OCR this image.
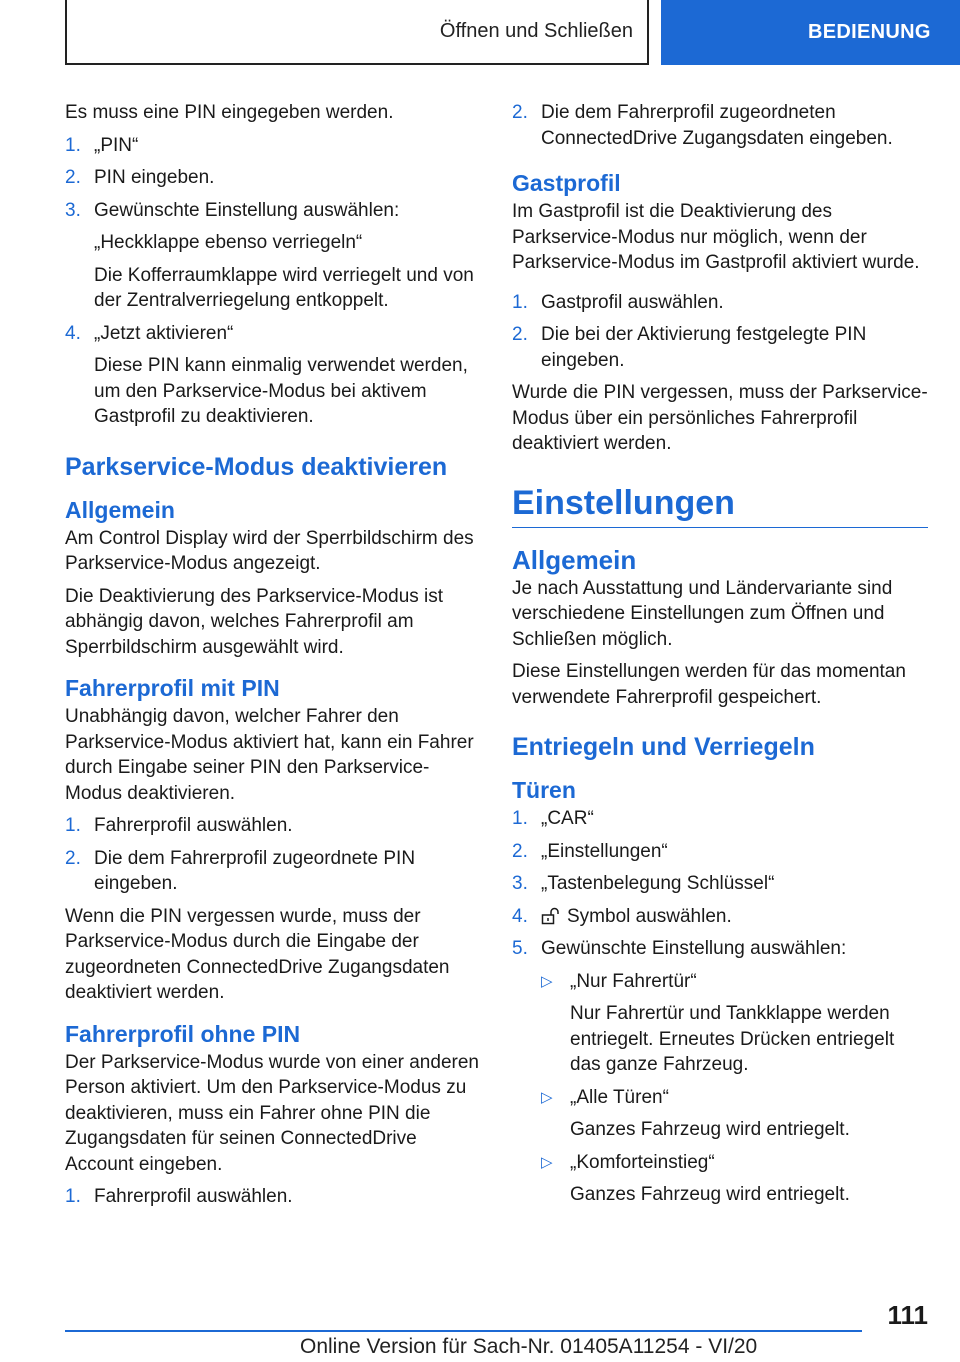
Öffnen und Schließen	BEDIENUNG

Es muss eine PIN eingegeben werden.

1. „PIN“
2. PIN eingeben.
3. Gewünschte Einstellung auswählen:
„Heckklappe ebenso verriegeln“
Die Kofferraumklappe wird verriegelt und von der Zentralverriegelung entkoppelt.
4. „Jetzt aktivieren“
Diese PIN kann einmalig verwendet werden, um den Parkservice-Modus bei aktivem Gastprofil zu deaktivieren.
Parkservice-Modus deaktivieren
Allgemein

Am Control Display wird der Sperrbildschirm des Parkservice-Modus angezeigt.

Die Deaktivierung des Parkservice-Modus ist abhängig davon, welches Fahrerprofil am Sperrbildschirm ausgewählt wird.

Fahrerprofil mit PIN

Unabhängig davon, welcher Fahrer den Parkservice-Modus aktiviert hat, kann ein Fahrer durch Eingabe seiner PIN den Parkservice-Modus deaktivieren.

1. Fahrerprofil auswählen.
2. Die dem Fahrerprofil zugeordnete PIN eingeben.

Wenn die PIN vergessen wurde, muss der Parkservice-Modus durch die Eingabe der zugeordneten ConnectedDrive Zugangsdaten deaktiviert werden.

Fahrerprofil ohne PIN

Der Parkservice-Modus wurde von einer anderen Person aktiviert. Um den Parkservice-Modus zu deaktivieren, muss ein Fahrer ohne PIN die Zugangsdaten für seinen ConnectedDrive Account eingeben.

1. Fahrerprofil auswählen.
2. Die dem Fahrerprofil zugeordneten ConnectedDrive Zugangsdaten eingeben.
Gastprofil

Im Gastprofil ist die Deaktivierung des Parkservice-Modus nur möglich, wenn der Parkservice-Modus im Gastprofil aktiviert wurde.

1. Gastprofil auswählen.
2. Die bei der Aktivierung festgelegte PIN eingeben.

Wurde die PIN vergessen, muss der Parkservice-Modus über ein persönliches Fahrerprofil deaktiviert werden.

Einstellungen
Allgemein

Je nach Ausstattung und Ländervariante sind verschiedene Einstellungen zum Öffnen und Schließen möglich.

Diese Einstellungen werden für das momentan verwendete Fahrerprofil gespeichert.

Entriegeln und Verriegeln
Türen
1. „CAR“
2. „Einstellungen“
3. „Tastenbelegung Schlüssel“
4. Symbol auswählen.
5. Gewünschte Einstellung auswählen:
▷ „Nur Fahrertür“
Nur Fahrertür und Tankklappe werden entriegelt. Erneutes Drücken entriegelt das ganze Fahrzeug.
▷ „Alle Türen“
Ganzes Fahrzeug wird entriegelt.
▷ „Komforteinstieg“
Ganzes Fahrzeug wird entriegelt.
111
Online Version für Sach-Nr. 01405A11254 - VI/20
